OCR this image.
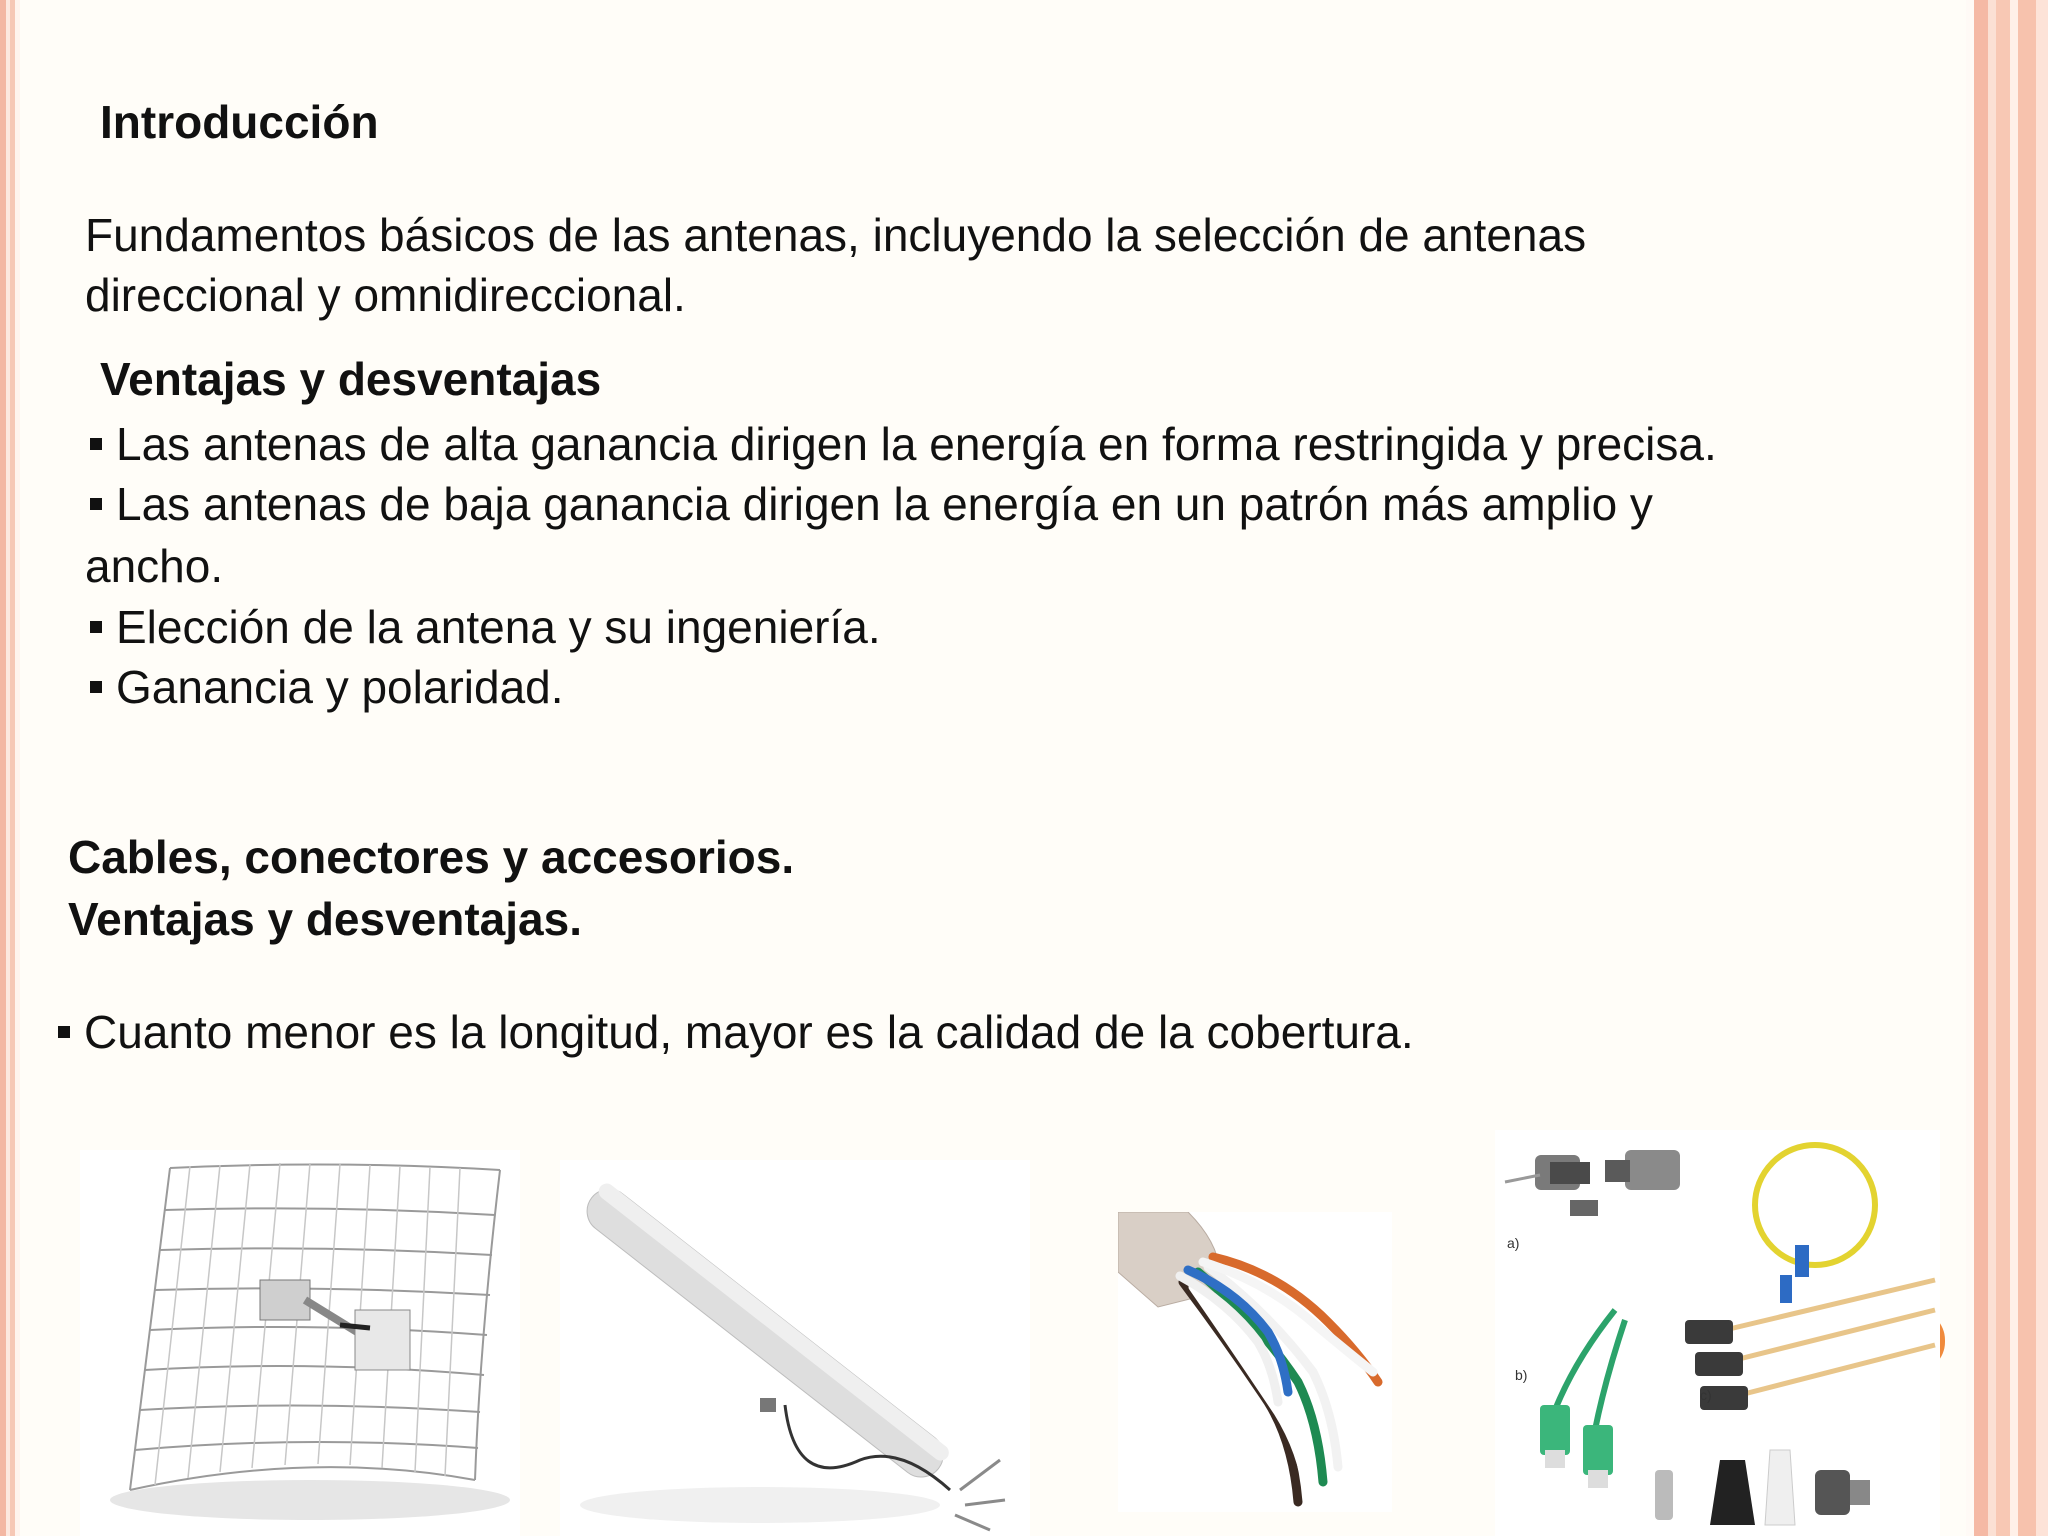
Introducción
Fundamentos básicos de las antenas, incluyendo la selección de antenas
direccional y omnidireccional.
Ventajas y desventajas
Las antenas de alta ganancia dirigen la energía en forma restringida y precisa.
Las antenas de baja ganancia dirigen la energía en un patrón más amplio y
ancho.
Elección de la antena y su ingeniería.
Ganancia y polaridad.
Cables, conectores y accesorios.
Ventajas y desventajas.
Cuanto menor es la longitud, mayor es la calidad de la cobertura.
a)
b)
c)
